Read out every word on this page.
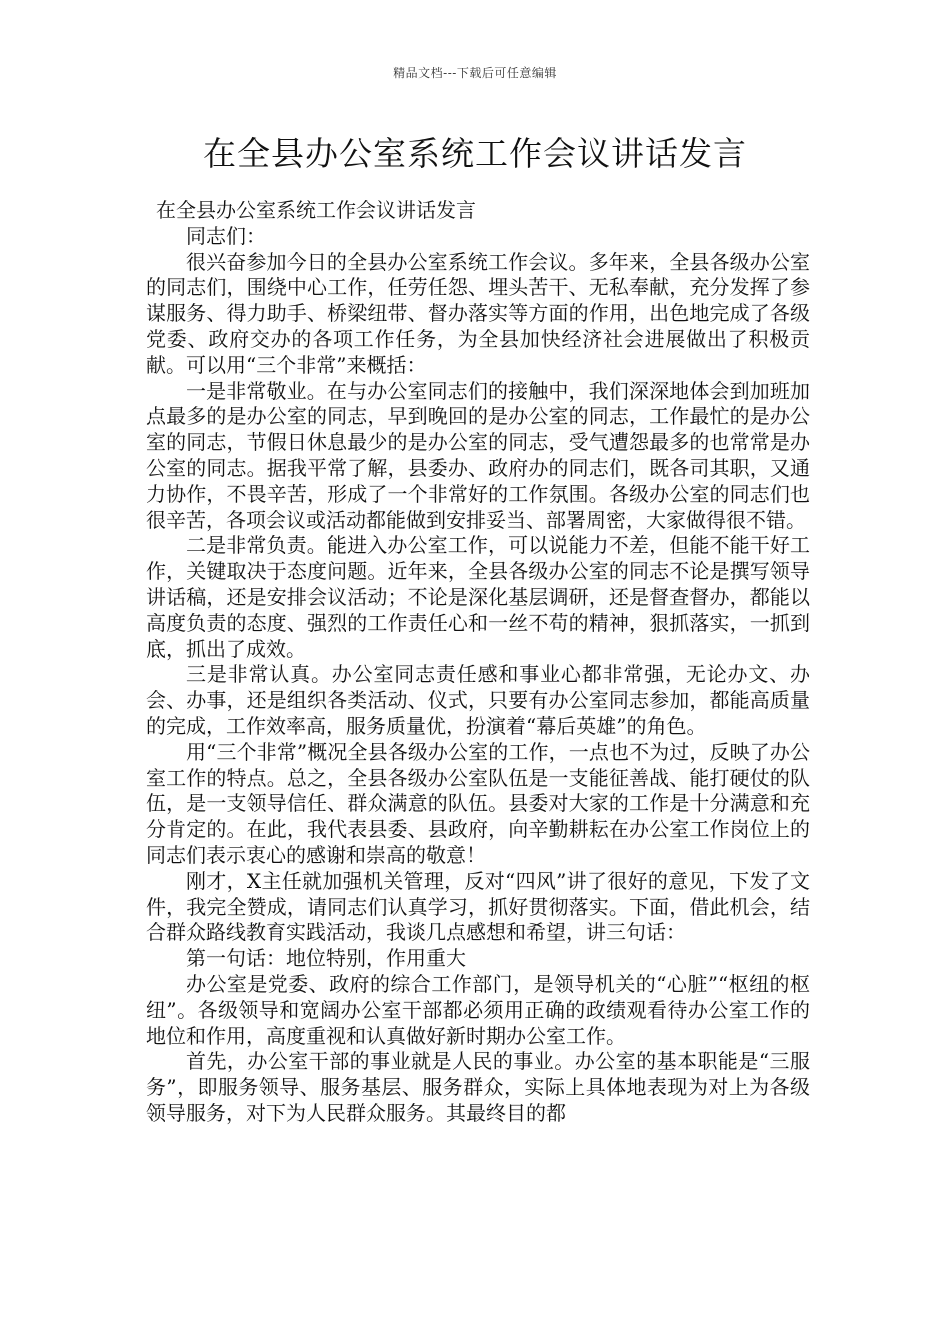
精品文档---下载后可任意编辑
在全县办公室系统工作会议讲话发言

在全县办公室系统工作会议讲话发言

同志们：

很兴奋参加今日的全县办公室系统工作会议。多年来，全县各级办公室的同志们，围绕中心工作，任劳任怨、埋头苦干、无私奉献，充分发挥了参谋服务、得力助手、桥梁纽带、督办落实等方面的作用，出色地完成了各级党委、政府交办的各项工作任务，为全县加快经济社会进展做出了积极贡献。可以用“三个非常”来概括：

一是非常敬业。在与办公室同志们的接触中，我们深深地体会到加班加点最多的是办公室的同志，早到晚回的是办公室的同志，工作最忙的是办公室的同志，节假日休息最少的是办公室的同志，受气遭怨最多的也常常是办公室的同志。据我平常了解，县委办、政府办的同志们，既各司其职，又通力协作，不畏辛苦，形成了一个非常好的工作氛围。各级办公室的同志们也很辛苦，各项会议或活动都能做到安排妥当、部署周密，大家做得很不错。

二是非常负责。能进入办公室工作，可以说能力不差，但能不能干好工作，关键取决于态度问题。近年来，全县各级办公室的同志不论是撰写领导讲话稿，还是安排会议活动；不论是深化基层调研，还是督查督办，都能以高度负责的态度、强烈的工作责任心和一丝不苟的精神，狠抓落实，一抓到底，抓出了成效。

三是非常认真。办公室同志责任感和事业心都非常强，无论办文、办会、办事，还是组织各类活动、仪式，只要有办公室同志参加，都能高质量的完成，工作效率高，服务质量优，扮演着“幕后英雄”的角色。

用“三个非常”概况全县各级办公室的工作，一点也不为过，反映了办公室工作的特点。总之，全县各级办公室队伍是一支能征善战、能打硬仗的队伍，是一支领导信任、群众满意的队伍。县委对大家的工作是十分满意和充分肯定的。在此，我代表县委、县政府，向辛勤耕耘在办公室工作岗位上的同志们表示衷心的感谢和崇高的敬意！

刚才，X主任就加强机关管理，反对“四风”讲了很好的意见，下发了文件，我完全赞成，请同志们认真学习，抓好贯彻落实。下面，借此机会，结合群众路线教育实践活动，我谈几点感想和希望，讲三句话：

第一句话：地位特别，作用重大

办公室是党委、政府的综合工作部门，是领导机关的“心脏”“枢纽的枢纽”。各级领导和宽阔办公室干部都必须用正确的政绩观看待办公室工作的地位和作用，高度重视和认真做好新时期办公室工作。

首先，办公室干部的事业就是人民的事业。办公室的基本职能是“三服务”，即服务领导、服务基层、服务群众，实际上具体地表现为对上为各级领导服务，对下为人民群众服务。其最终目的都
